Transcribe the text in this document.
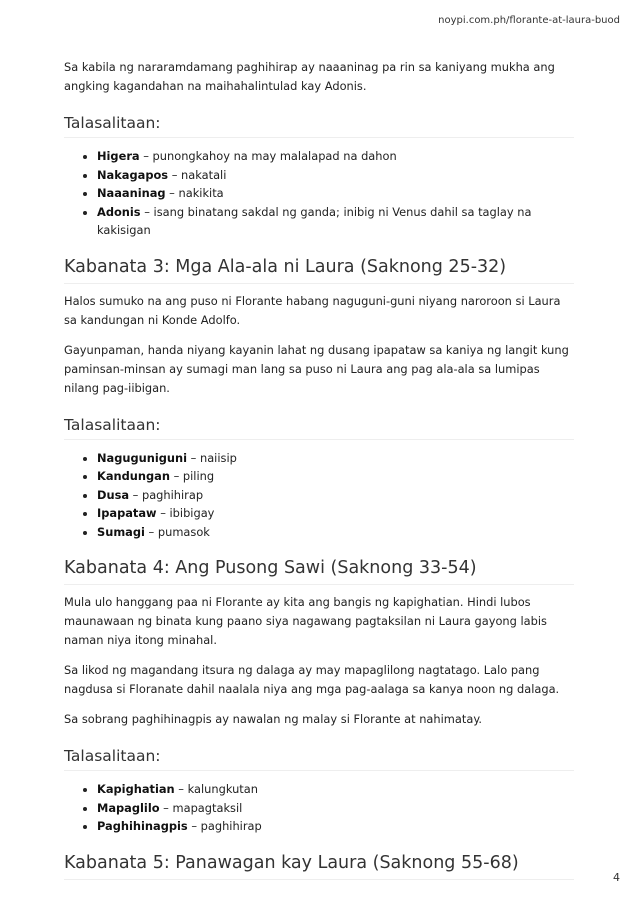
noypi.com.ph/florante-at-laura-buod

Sa kabila ng nararamdamang paghihirap ay naaaninag pa rin sa kaniyang mukha ang angking kagandahan na maihahalintulad kay Adonis.

Talasalitaan:
• Higera – punongkahoy na may malalapad na dahon
• Nakagapos – nakatali
• Naaaninag – nakikita
• Adonis – isang binatang sakdal ng ganda; inibig ni Venus dahil sa taglay na kakisigan
Kabanata 3: Mga Ala-ala ni Laura (Saknong 25-32)

Halos sumuko na ang puso ni Florante habang naguguni-guni niyang naroroon si Laura sa kandungan ni Konde Adolfo.

Gayunpaman, handa niyang kayanin lahat ng dusang ipapataw sa kaniya ng langit kung paminsan-minsan ay sumagi man lang sa puso ni Laura ang pag ala-ala sa lumipas nilang pag-iibigan.

Talasalitaan:
• Naguguniguni – naiisip
• Kandungan – piling
• Dusa – paghihirap
• Ipapataw – ibibigay
• Sumagi – pumasok
Kabanata 4: Ang Pusong Sawi (Saknong 33-54)

Mula ulo hanggang paa ni Florante ay kita ang bangis ng kapighatian. Hindi lubos maunawaan ng binata kung paano siya nagawang pagtaksilan ni Laura gayong labis naman niya itong minahal.

Sa likod ng magandang itsura ng dalaga ay may mapaglilong nagtatago. Lalo pang nagdusa si Floranate dahil naalala niya ang mga pag-aalaga sa kanya noon ng dalaga.

Sa sobrang paghihinagpis ay nawalan ng malay si Florante at nahimatay.

Talasalitaan:
• Kapighatian – kalungkutan
• Mapaglilo – mapagtaksil
• Paghihinagpis – paghihirap
Kabanata 5: Panawagan kay Laura (Saknong 55-68)
4
